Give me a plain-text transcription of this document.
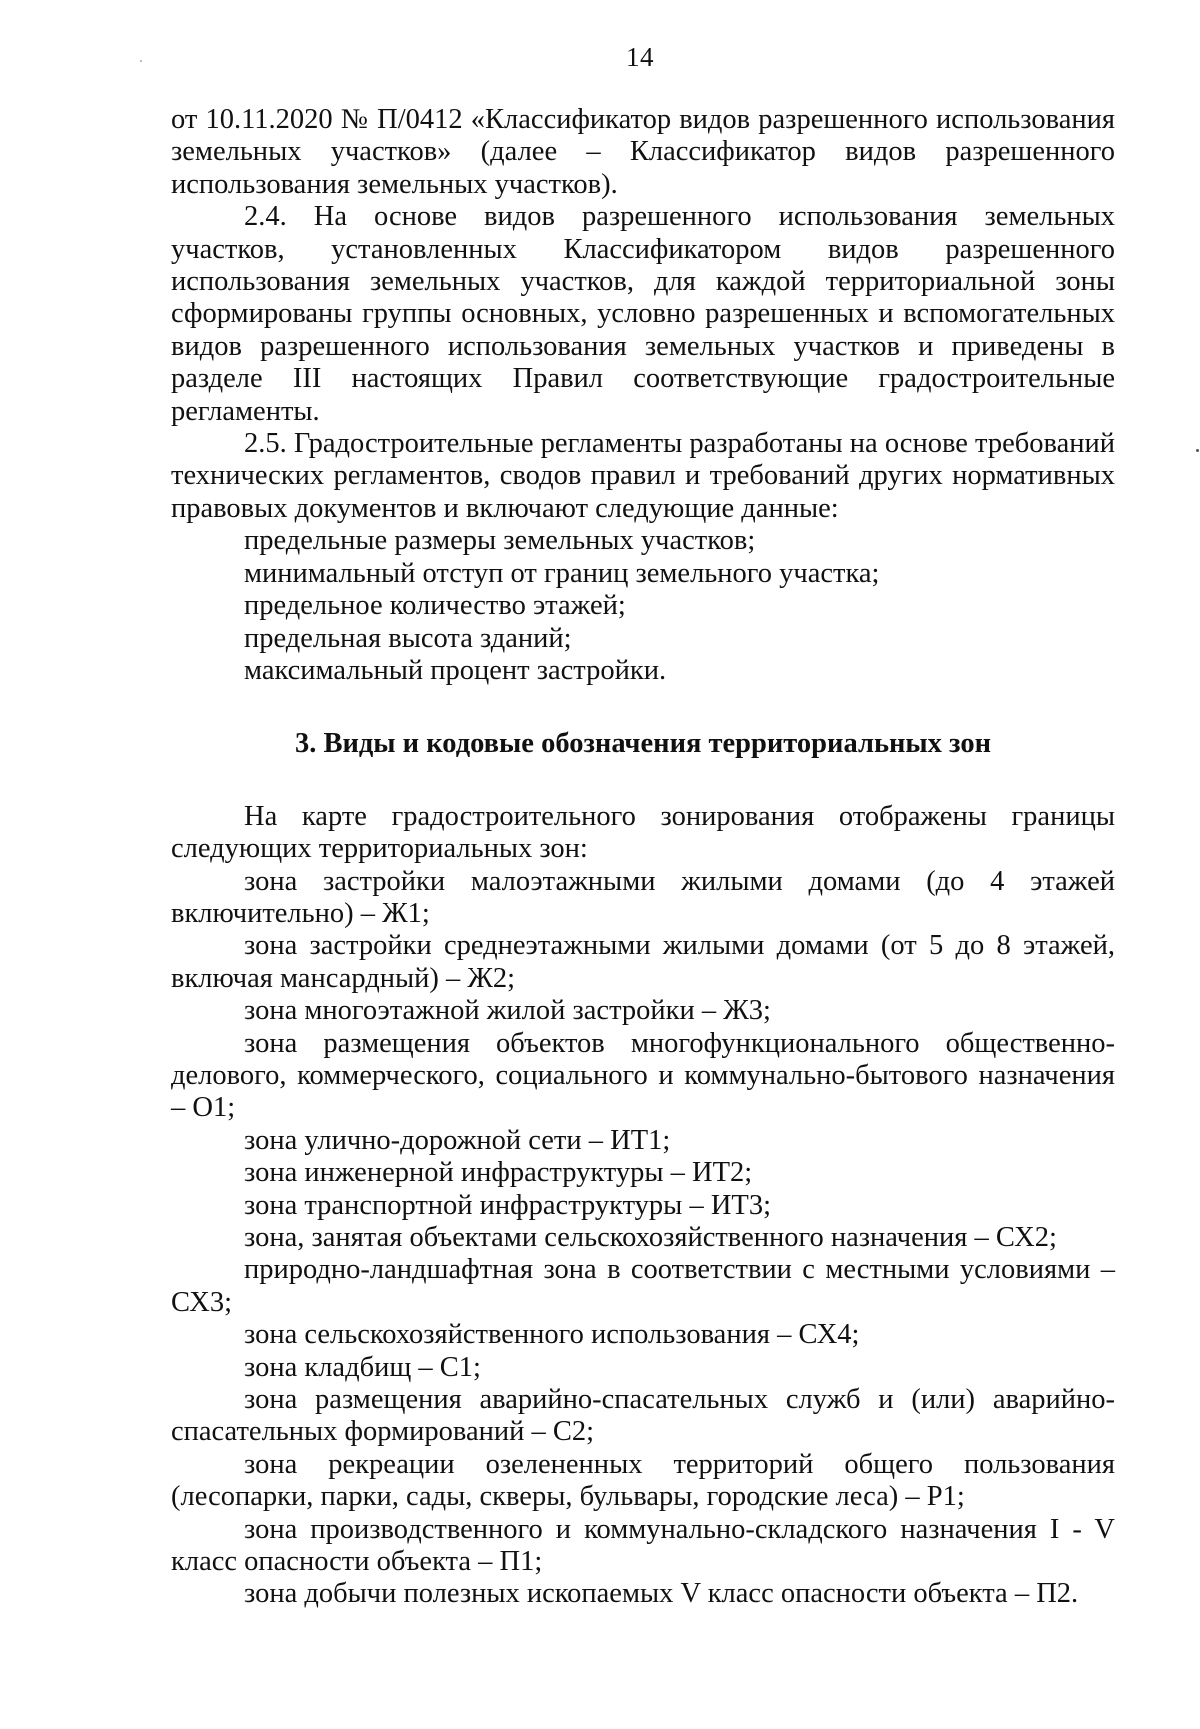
14

от 10.11.2020 № П/0412 «Классификатор видов разрешенного использования земельных участков» (далее – Классификатор видов разрешенного использования земельных участков).

2.4. На основе видов разрешенного использования земельных участков, установленных Классификатором видов разрешенного использования земельных участков, для каждой территориальной зоны сформированы группы основных, условно разрешенных и вспомогательных видов разрешенного использования земельных участков и приведены в разделе III настоящих Правил соответствующие градостроительные регламенты.

2.5. Градостроительные регламенты разработаны на основе требований технических регламентов, сводов правил и требований других нормативных правовых документов и включают следующие данные:

предельные размеры земельных участков;

минимальный отступ от границ земельного участка;

предельное количество этажей;

предельная высота зданий;

максимальный процент застройки.

3. Виды и кодовые обозначения территориальных зон

На карте градостроительного зонирования отображены границы следующих территориальных зон:

зона застройки малоэтажными жилыми домами (до 4 этажей включительно) – Ж1;

зона застройки среднеэтажными жилыми домами (от 5 до 8 этажей, включая мансардный) – Ж2;

зона многоэтажной жилой застройки – Ж3;

зона размещения объектов многофункционального общественно-делового, коммерческого, социального и коммунально-бытового назначения – О1;

зона улично-дорожной сети – ИТ1;

зона инженерной инфраструктуры – ИТ2;

зона транспортной инфраструктуры – ИТ3;

зона, занятая объектами сельскохозяйственного назначения – СХ2;

природно-ландшафтная зона в соответствии с местными условиями – СХ3;

зона сельскохозяйственного использования – СХ4;

зона кладбищ – С1;

зона размещения аварийно-спасательных служб и (или) аварийно-спасательных формирований – С2;

зона рекреации озелененных территорий общего пользования (лесопарки, парки, сады, скверы, бульвары, городские леса) – Р1;

зона производственного и коммунально-складского назначения I - V класс опасности объекта – П1;

зона добычи полезных ископаемых V класс опасности объекта – П2.
